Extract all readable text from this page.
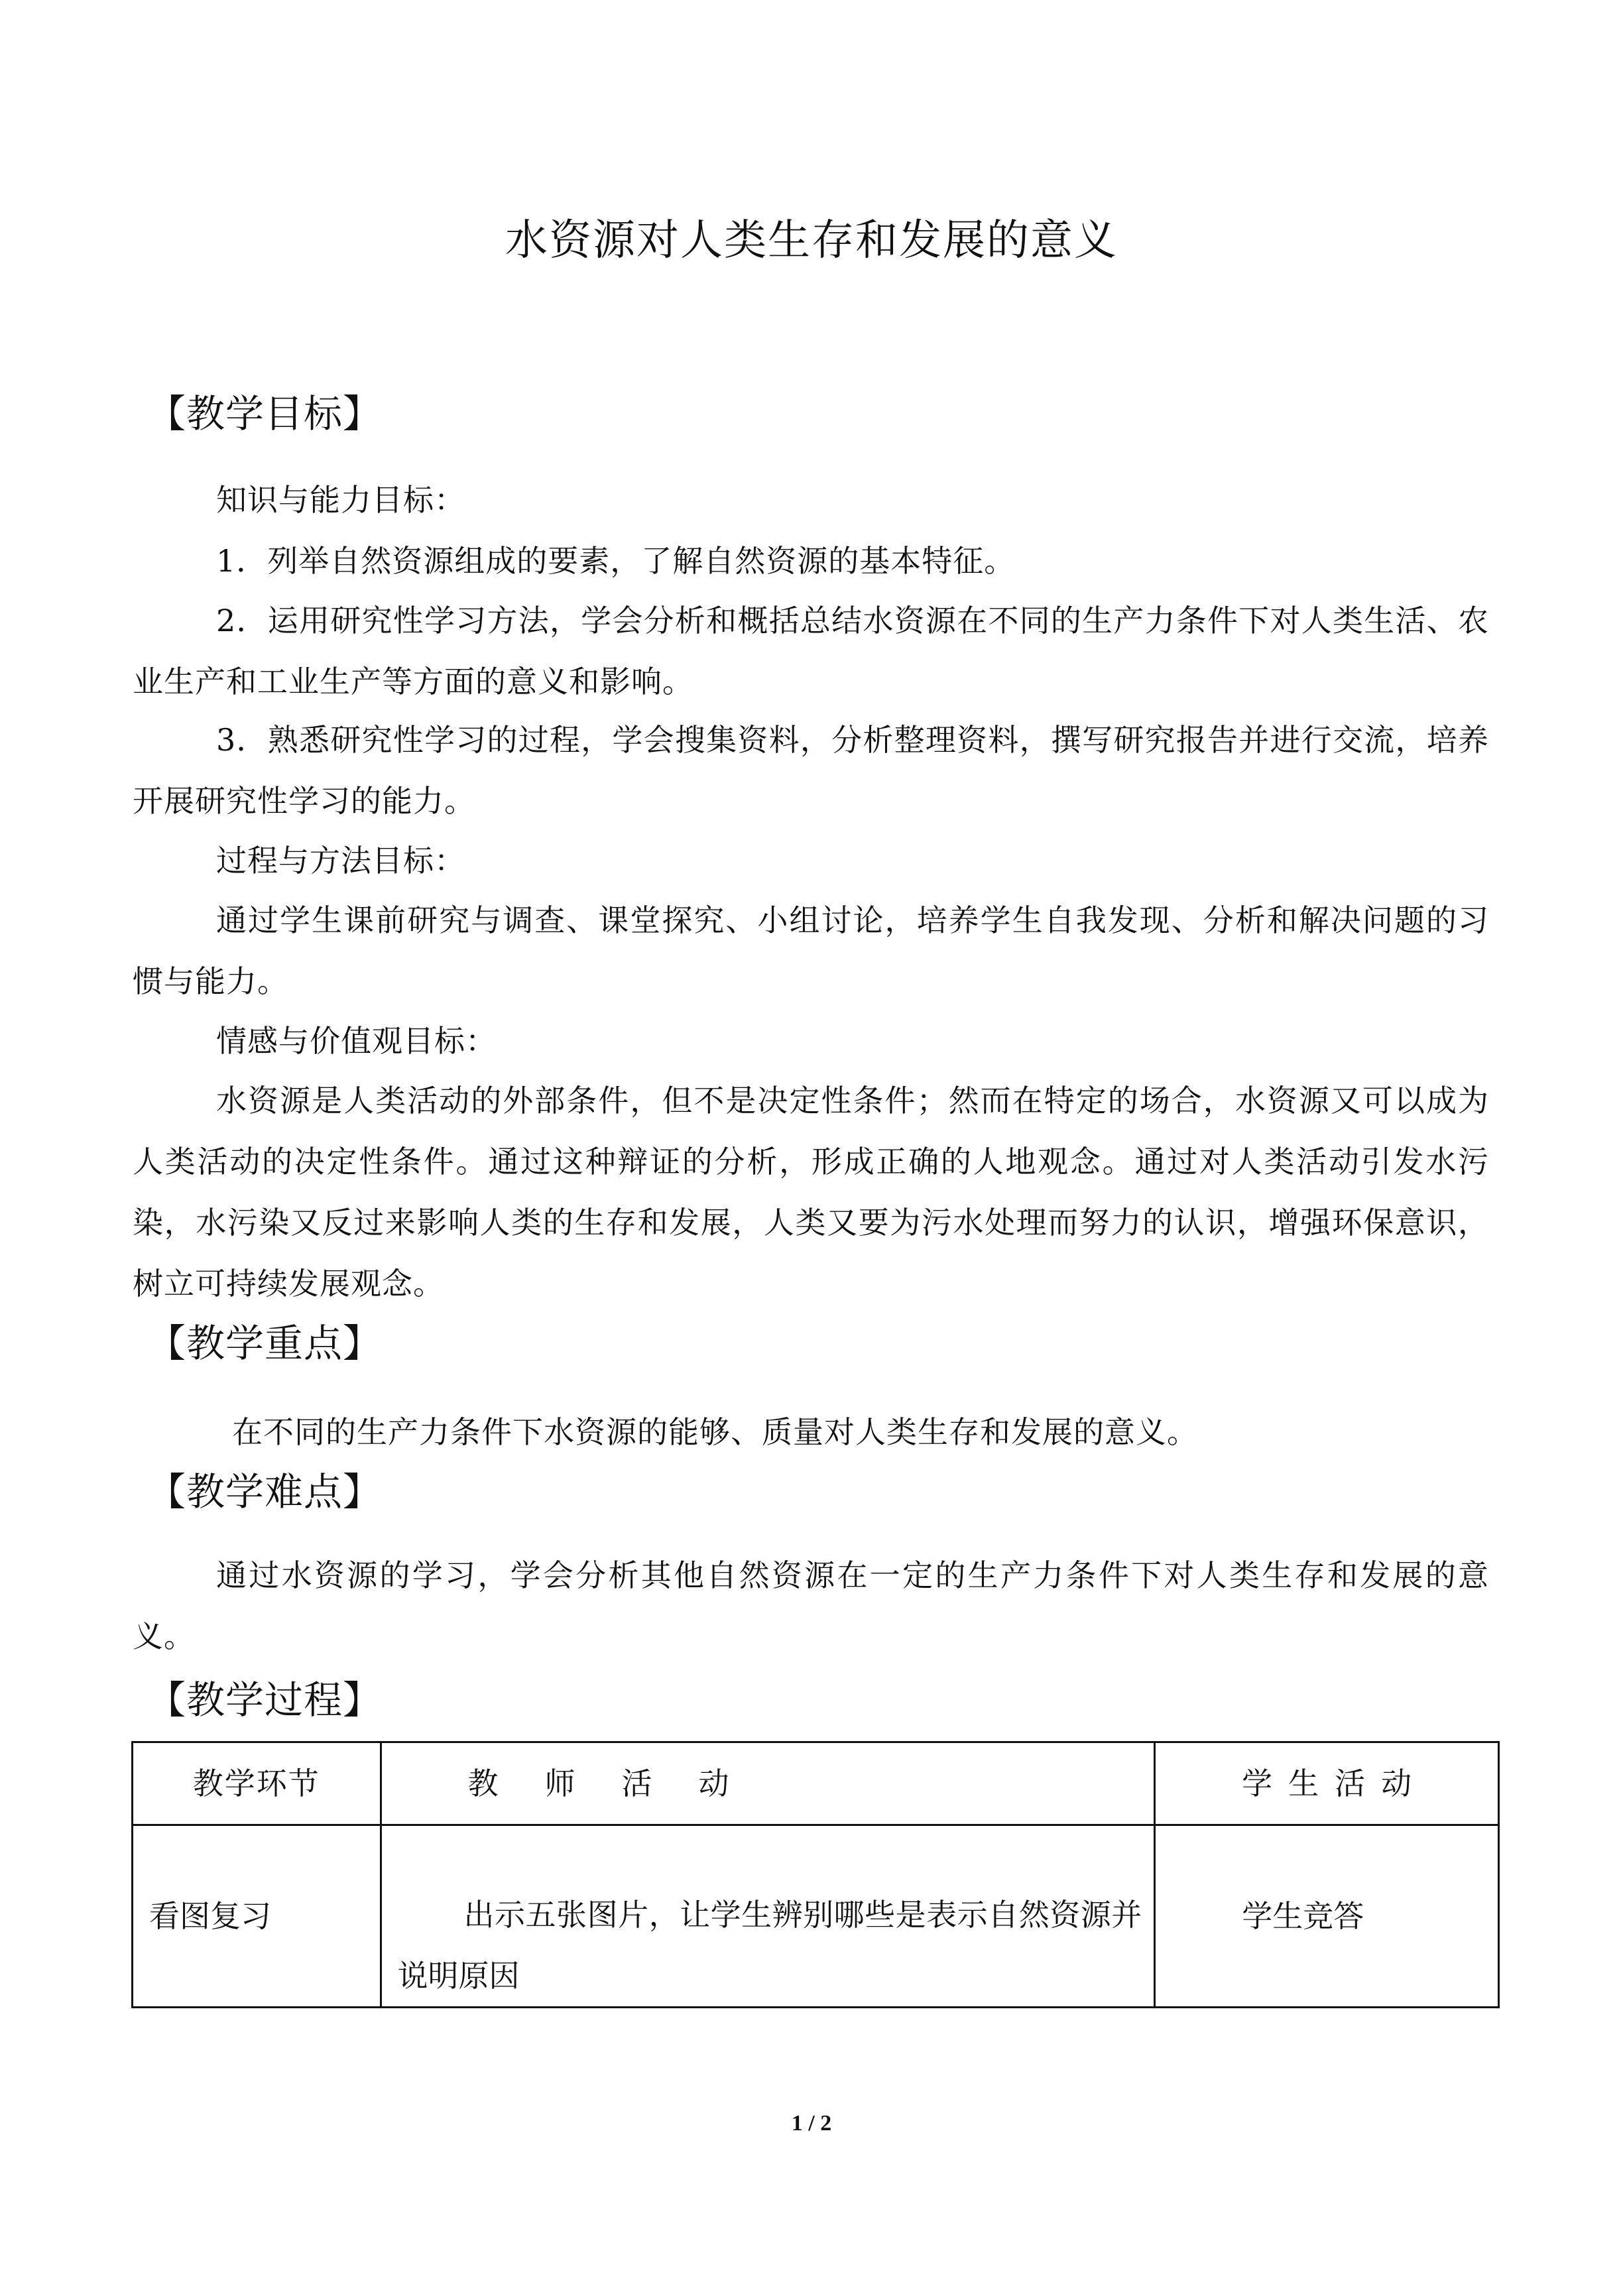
水资源对人类生存和发展的意义
【教学目标】
知识与能力目标：
1．列举自然资源组成的要素，了解自然资源的基本特征。
2．运用研究性学习方法，学会分析和概括总结水资源在不同的生产力条件下对人类生活、农业生产和工业生产等方面的意义和影响。
3．熟悉研究性学习的过程，学会搜集资料，分析整理资料，撰写研究报告并进行交流，培养开展研究性学习的能力。
过程与方法目标：
通过学生课前研究与调查、课堂探究、小组讨论，培养学生自我发现、分析和解决问题的习惯与能力。
情感与价值观目标：
水资源是人类活动的外部条件，但不是决定性条件；然而在特定的场合，水资源又可以成为人类活动的决定性条件。通过这种辩证的分析，形成正确的人地观念。通过对人类活动引发水污染，水污染又反过来影响人类的生存和发展，人类又要为污水处理而努力的认识，增强环保意识，树立可持续发展观念。
【教学重点】
在不同的生产力条件下水资源的能够、质量对人类生存和发展的意义。
【教学难点】
通过水资源的学习，学会分析其他自然资源在一定的生产力条件下对人类生存和发展的意义。
【教学过程】
教学环节	教 师 活 动	学 生 活 动
看图复习	出示五张图片，让学生辨别哪些是表示自然资源并说明原因	学生竞答
1 / 2
